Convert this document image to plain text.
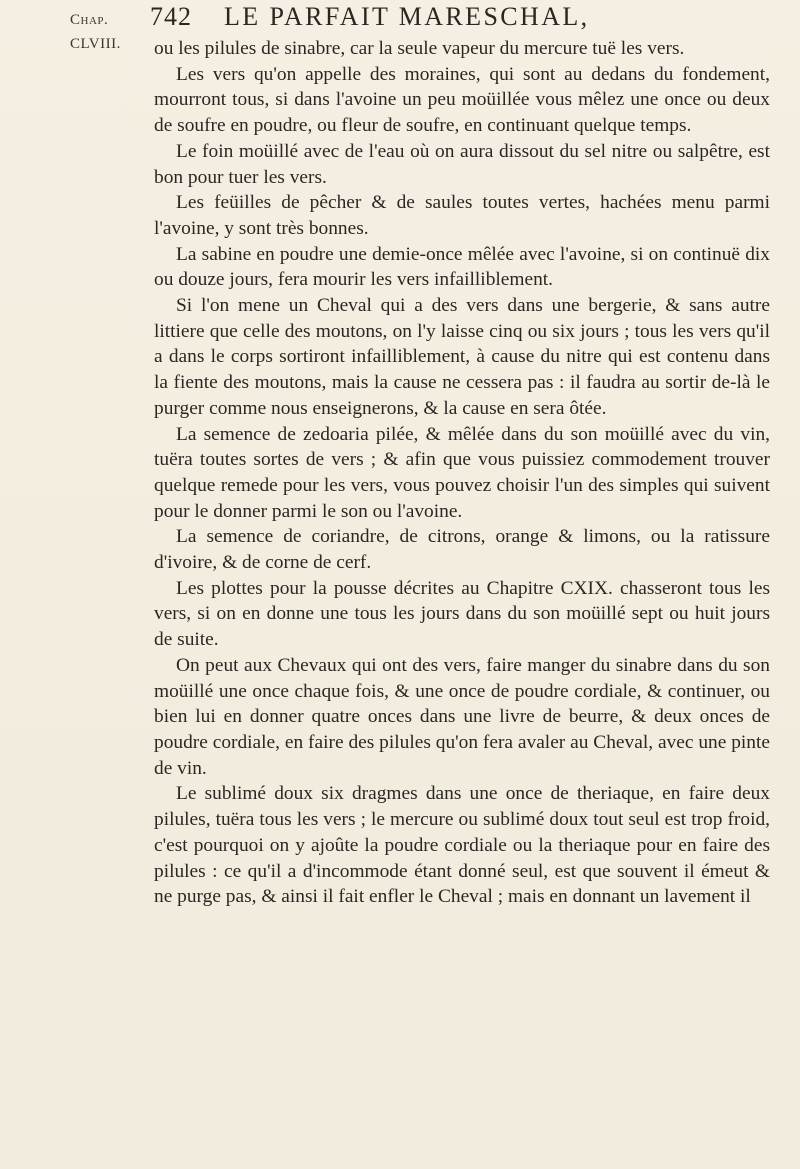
Chap.
CLVIII.
742 LE PARFAIT MARESCHAL,

ou les pilules de sinabre, car la seule vapeur du mercure tuë les vers.

Les vers qu'on appelle des moraines, qui sont au dedans du fondement, mourront tous, si dans l'avoine un peu moüillée vous mêlez une once ou deux de soufre en poudre, ou fleur de soufre, en continuant quelque temps.

Le foin moüillé avec de l'eau où on aura dissout du sel nitre ou salpêtre, est bon pour tuer les vers.

Les feüilles de pêcher & de saules toutes vertes, hachées menu parmi l'avoine, y sont très bonnes.

La sabine en poudre une demie-once mêlée avec l'avoine, si on continuë dix ou douze jours, fera mourir les vers infailliblement.

Si l'on mene un Cheval qui a des vers dans une bergerie, & sans autre littiere que celle des moutons, on l'y laisse cinq ou six jours ; tous les vers qu'il a dans le corps sortiront infailliblement, à cause du nitre qui est contenu dans la fiente des moutons, mais la cause ne cessera pas : il faudra au sortir de-là le purger comme nous enseignerons, & la cause en sera ôtée.

La semence de zedoaria pilée, & mêlée dans du son moüillé avec du vin, tuëra toutes sortes de vers ; & afin que vous puissiez commodement trouver quelque remede pour les vers, vous pouvez choisir l'un des simples qui suivent pour le donner parmi le son ou l'avoine.

La semence de coriandre, de citrons, orange & limons, ou la ratissure d'ivoire, & de corne de cerf.

Les plottes pour la pousse décrites au Chapitre CXIX. chasseront tous les vers, si on en donne une tous les jours dans du son moüillé sept ou huit jours de suite.

On peut aux Chevaux qui ont des vers, faire manger du sinabre dans du son moüillé une once chaque fois, & une once de poudre cordiale, & continuer, ou bien lui en donner quatre onces dans une livre de beurre, & deux onces de poudre cordiale, en faire des pilules qu'on fera avaler au Cheval, avec une pinte de vin.

Le sublimé doux six dragmes dans une once de theriaque, en faire deux pilules, tuëra tous les vers ; le mercure ou sublimé doux tout seul est trop froid, c'est pourquoi on y ajoûte la poudre cordiale ou la theriaque pour en faire des pilules : ce qu'il a d'incommode étant donné seul, est que souvent il émeut & ne purge pas, & ainsi il fait enfler le Cheval ; mais en donnant un lavement il
